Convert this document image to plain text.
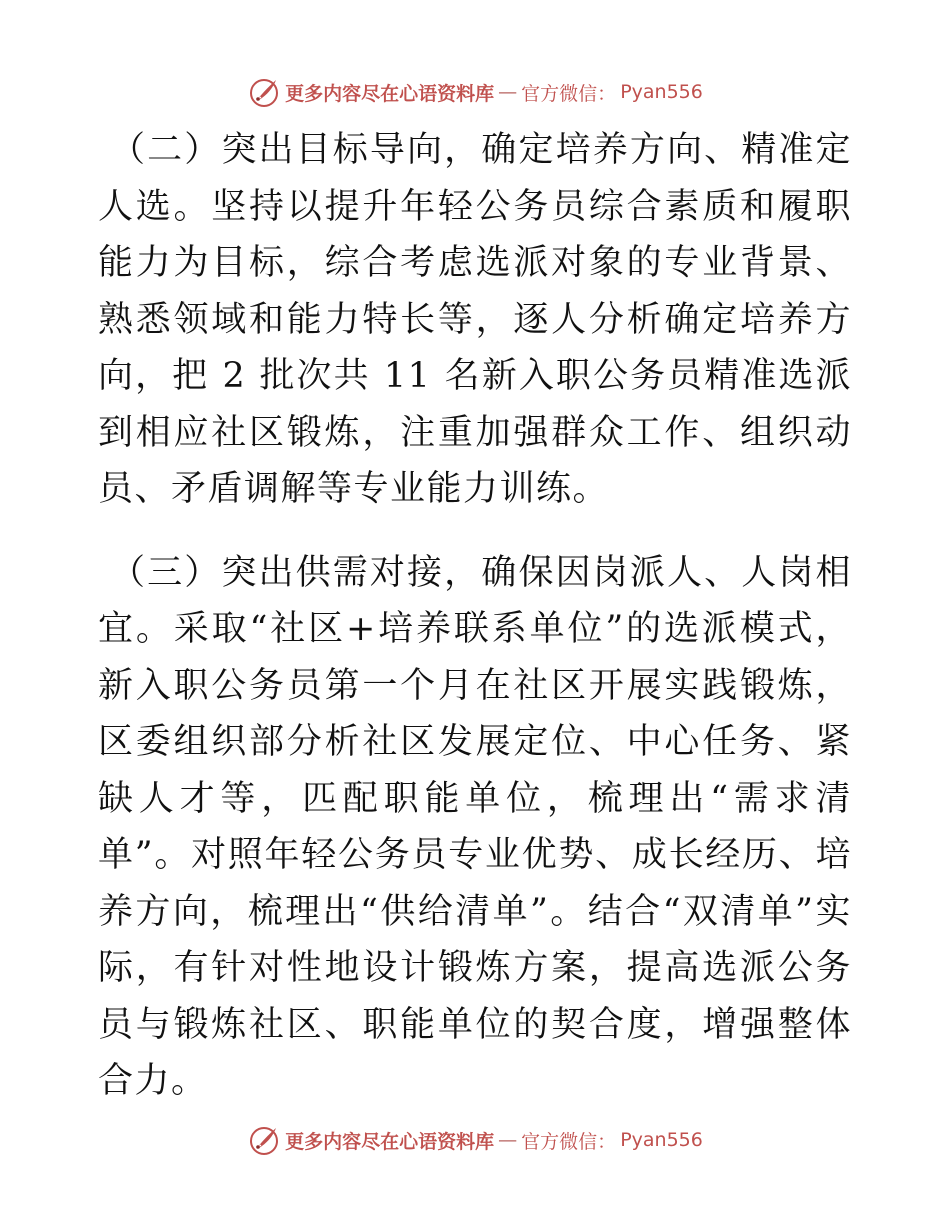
更多内容尽在心语资料库 — 官方微信： Pyan556

（二）突出目标导向，确定培养方向、精准定人选。坚持以提升年轻公务员综合素质和履职能力为目标，综合考虑选派对象的专业背景、熟悉领域和能力特长等，逐人分析确定培养方向，把 2 批次共 11 名新入职公务员精准选派到相应社区锻炼，注重加强群众工作、组织动员、矛盾调解等专业能力训练。

（三）突出供需对接，确保因岗派人、人岗相宜。采取“社区+培养联系单位”的选派模式，新入职公务员第一个月在社区开展实践锻炼，区委组织部分析社区发展定位、中心任务、紧缺人才等，匹配职能单位，梳理出“需求清单”。对照年轻公务员专业优势、成长经历、培养方向，梳理出“供给清单”。结合“双清单”实际，有针对性地设计锻炼方案，提高选派公务员与锻炼社区、职能单位的契合度，增强整体合力。

更多内容尽在心语资料库 — 官方微信： Pyan556
